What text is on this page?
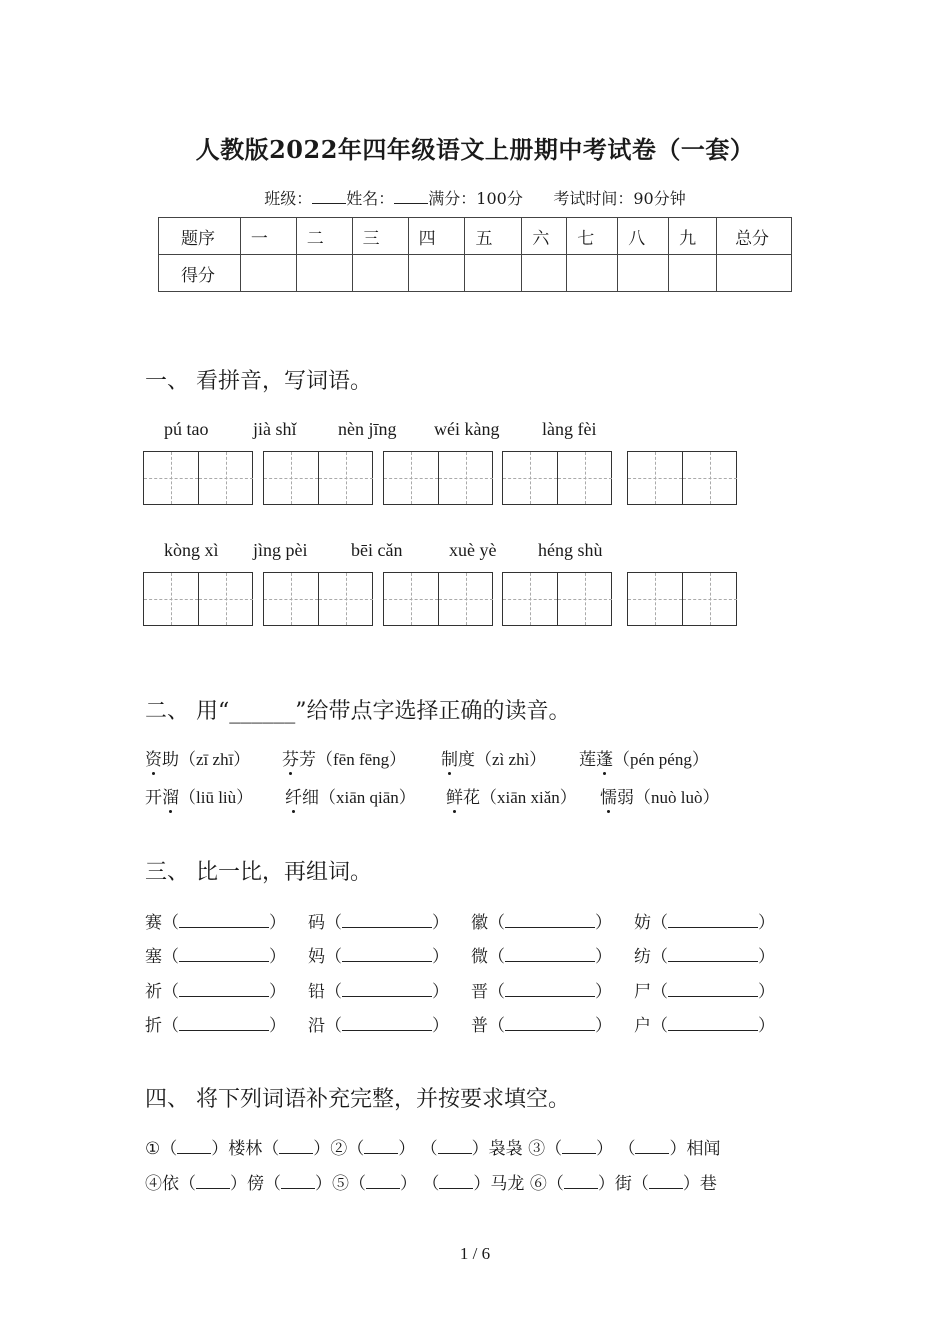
人教版2022年四年级语文上册期中考试卷（一套）
班级： 姓名： 满分：100分 考试时间：90分钟
题序	一	二	三	四	五	六	七	八	九	总分
得分										
一、 看拼音，写词语。
pú tao jià shǐ nèn jīng wéi kàng làng fèi
kòng xì jìng pèi bēi cǎn	xuè yè héng shù
二、 用“______”给带点字选择正确的读音。
资助（zī zhī） 芬芳（fēn fēng） 制度（zì zhì） 莲蓬（pén péng）
开溜（liū liù） 纤细（xiān qiān） 鲜花（xiān xiǎn） 懦弱（nuò luò）
三、 比一比，再组词。
赛（	） 码（	） 徽（	） 妨（	）
塞（	） 妈（	） 微（	） 纺（	）
祈（	） 铅（	） 晋（	） 尸（	）
折（	） 沿（	） 普（	） 户（	）
四、 将下列词语补充完整，并按要求填空。
①（ ）楼林（ ）②（ ） （ ）袅袅 ③（ ） （ ）相闻
④依（ ）傍（ ）⑤（ ） （ ）马龙 ⑥（ ）街（ ）巷
1 / 6
